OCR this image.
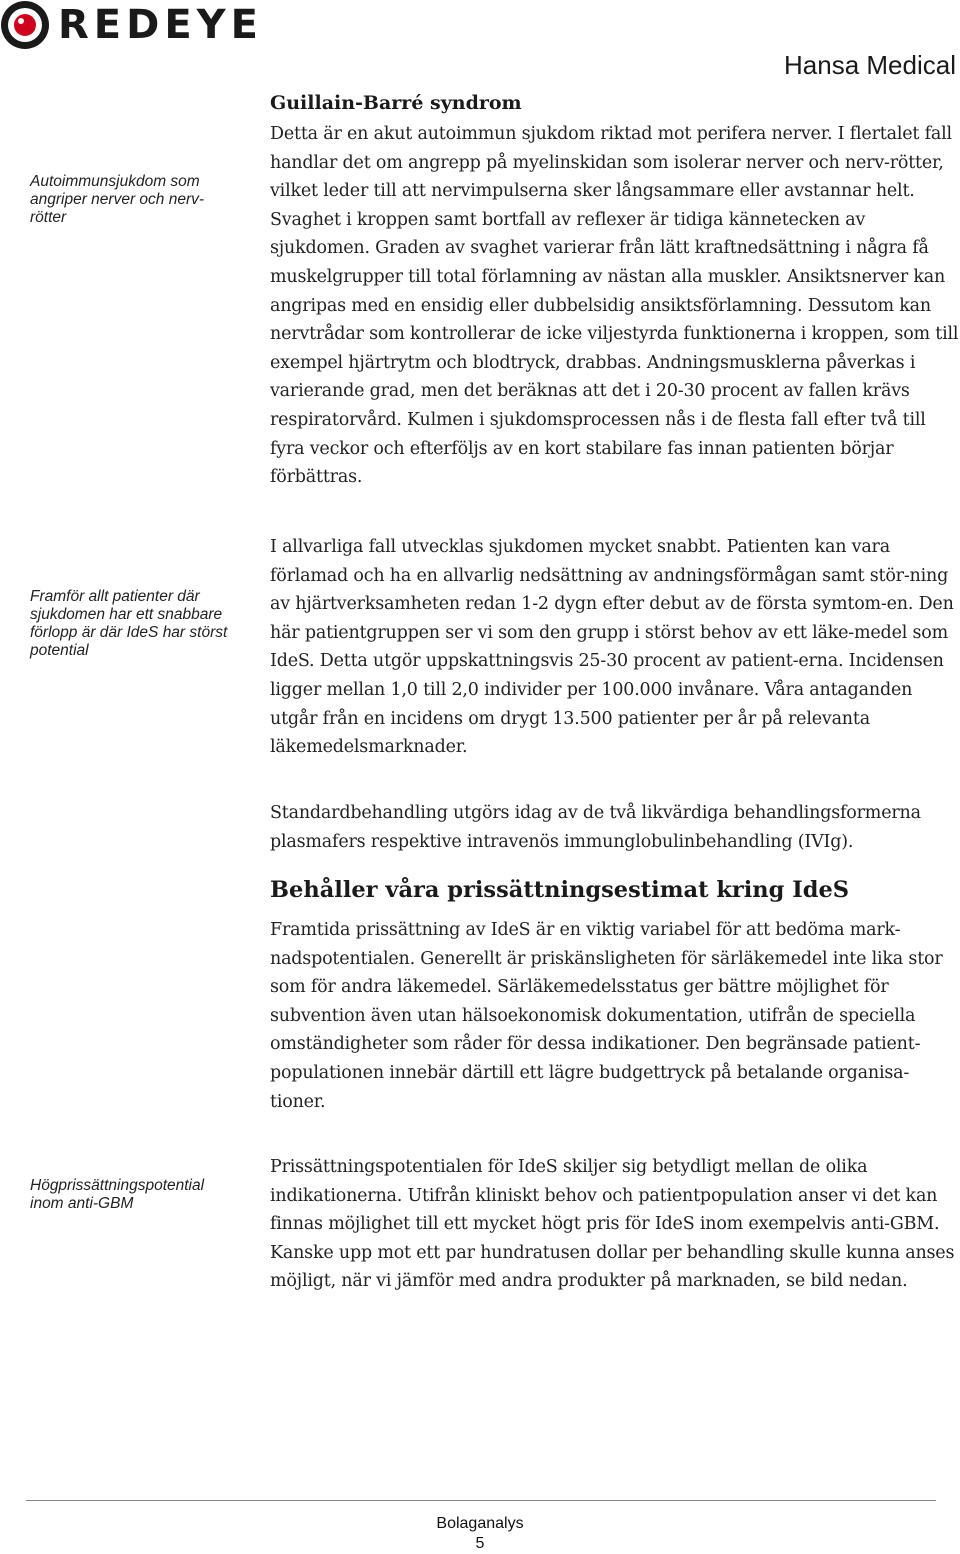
REDEYE
Hansa Medical
Autoimmunsjukdom som angriper nerver och nerv-rötter
Framför allt patienter där sjukdomen har ett snabbare förlopp är där IdeS har störst potential
Högprissättningspotential inom anti-GBM
Guillain-Barré syndrom
Detta är en akut autoimmun sjukdom riktad mot perifera nerver. I flertalet fall handlar det om angrepp på myelinskidan som isolerar nerver och nerv-rötter, vilket leder till att nervimpulserna sker långsammare eller avstannar helt. Svaghet i kroppen samt bortfall av reflexer är tidiga kännetecken av sjukdomen. Graden av svaghet varierar från lätt kraftnedsättning i några få muskelgrupper till total förlamning av nästan alla muskler. Ansiktsnerver kan angripas med en ensidig eller dubbelsidig ansiktsförlamning. Dessutom kan nervtrådar som kontrollerar de icke viljestyrda funktionerna i kroppen, som till exempel hjärtrytm och blodtryck, drabbas. Andningsmusklerna påverkas i varierande grad, men det beräknas att det i 20-30 procent av fallen krävs respiratorvård. Kulmen i sjukdomsprocessen nås i de flesta fall efter två till fyra veckor och efterföljs av en kort stabilare fas innan patienten börjar förbättras.
I allvarliga fall utvecklas sjukdomen mycket snabbt. Patienten kan vara förlamad och ha en allvarlig nedsättning av andningsförmågan samt stör-ning av hjärtverksamheten redan 1-2 dygn efter debut av de första symtom-en. Den här patientgruppen ser vi som den grupp i störst behov av ett läke-medel som IdeS. Detta utgör uppskattningsvis 25-30 procent av patient-erna. Incidensen ligger mellan 1,0 till 2,0 individer per 100.000 invånare. Våra antaganden utgår från en incidens om drygt 13.500 patienter per år på relevanta läkemedelsmarknader.
Standardbehandling utgörs idag av de två likvärdiga behandlingsformerna plasmafers respektive intravenös immunglobulinbehandling (IVIg).
Behåller våra prissättningsestimat kring IdeS
Framtida prissättning av IdeS är en viktig variabel för att bedöma mark-nadspotentialen. Generellt är priskänsligheten för särläkemedel inte lika stor som för andra läkemedel. Särläkemedelsstatus ger bättre möjlighet för subvention även utan hälsoekonomisk dokumentation, utifrån de speciella omständigheter som råder för dessa indikationer. Den begränsade patient-populationen innebär därtill ett lägre budgettryck på betalande organisa-tioner.
Prissättningspotentialen för IdeS skiljer sig betydligt mellan de olika indikationerna. Utifrån kliniskt behov och patientpopulation anser vi det kan finnas möjlighet till ett mycket högt pris för IdeS inom exempelvis anti-GBM. Kanske upp mot ett par hundratusen dollar per behandling skulle kunna anses möjligt, när vi jämför med andra produkter på marknaden, se bild nedan.
Bolaganalys
5
